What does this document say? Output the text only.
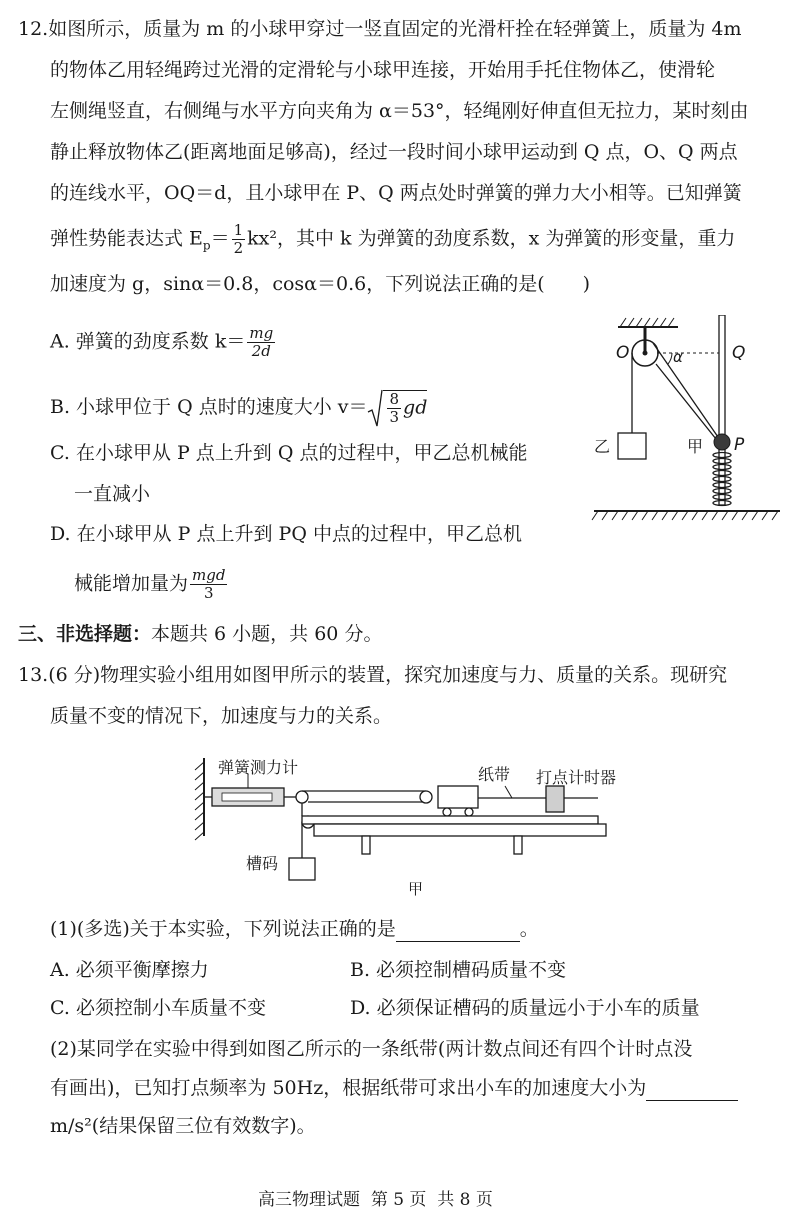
12.如图所示，质量为 m 的小球甲穿过一竖直固定的光滑杆拴在轻弹簧上，质量为 4m
的物体乙用轻绳跨过光滑的定滑轮与小球甲连接，开始用手托住物体乙，使滑轮
左侧绳竖直，右侧绳与水平方向夹角为 α＝53°，轻绳刚好伸直但无拉力，某时刻由
静止释放物体乙(距离地面足够高)，经过一段时间小球甲运动到 Q 点，O、Q 两点
的连线水平，OQ＝d，且小球甲在 P、Q 两点处时弹簧的弹力大小相等。已知弹簧
弹性势能表达式 $E_p= \frac{1}{2} kx^2$，其中 k 为弹簧的劲度系数，x 为弹簧的形变量，重力
加速度为 g，sinα＝0.8，cosα＝0.6，下列说法正确的是(　　)
A. 弹簧的劲度系数 $k= \frac{mg}{2d}$
B. 小球甲位于 Q 点时的速度大小 $v= \frac{8}{3}$ gd
C. 在小球甲从 P 点上升到 Q 点的过程中，甲乙总机械能
一直减小
D. 在小球甲从 P 点上升到 PQ 中点的过程中，甲乙总机
械能增加量为 $\frac{\text{mgd}}{3}$
O	α	Q
乙	甲 P
三、非选择题：本题共 6 小题，共 60 分。
13.(6 分)物理实验小组用如图甲所示的装置，探究加速度与力、质量的关系。现研究
质量不变的情况下，加速度与力的关系。
弹簧测力计	纸带 打点计时器
槽码
甲
(1)(多选)关于本实验，下列说法正确的是	。
A. 必须平衡摩擦力	B. 必须控制槽码质量不变
C. 必须控制小车质量不变	D. 必须保证槽码的质量远小于小车的质量
(2)某同学在实验中得到如图乙所示的一条纸带(两计数点间还有四个计时点没
有画出)，已知打点频率为 50Hz，根据纸带可求出小车的加速度大小为
m/s²(结果保留三位有效数字)。
高三物理试题 第 5 页 共 8 页
